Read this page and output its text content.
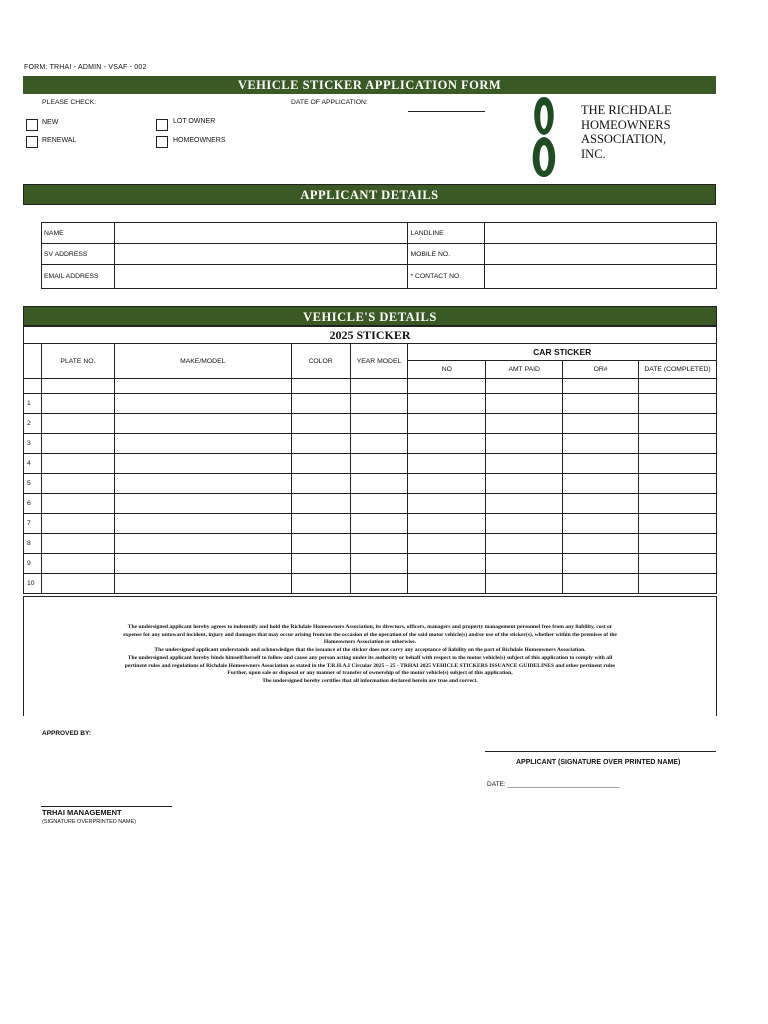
FORM: TRHAI - ADMIN - VSAF - 002
VEHICLE STICKER APPLICATION FORM
PLEASE CHECK:	DATE OF APPLICATION:
NEW
RENEWAL
LOT OWNER
HOMEOWNERS
THE RICHDALE
HOMEOWNERS
ASSOCIATION,
INC.
APPLICANT DETAILS
NAME		LANDLINE	
SV ADDRESS		MOBILE NO.	
EMAIL ADDRESS		* CONTACT NO.	
VEHICLE'S DETAILS
2025 STICKER								
	PLATE NO.	MAKE/MODEL	COLOR	YEAR MODEL	CAR STICKER			
					NO	AMT PAID	OR#	DATE (COMPLETED)

1								
2								
3								
4								
5								
6								
7								
8								
9								
10								
The undersigned applicant hereby agrees to indemnify and hold the Richdale Homeowners Association, its directors, officers, managers and property management personnel free from any liability, cost or
expense for any untoward incident, injury and damages that may occur arising from/on the occasion of the operation of the said motor vehicle(s) and/or use of the sticker(s), whether within the premises of the
Homeowners Association or otherwise.
The undersigned applicant understands and acknowledges that the issuance of the sticker does not carry any acceptance of liability on the part of Richdale Homeowners Association.
The undersigned applicant hereby binds himself/herself to follow and cause any person acting under its authority or behalf with respect to the motor vehicle(s) subject of this application to comply with all
pertinent rules and regulations of Richdale Homeowners Association as stated in the T.R.H.A.I Circular 2025 – 25 - TRHAI 2025 VEHICLE STICKERS ISSUANCE GUIDELINES and other pertinent rules
Further, upon sale or disposal or any manner of transfer of ownership of the motor vehicle(s) subject of this application,
The undersigned hereby certifies that all information declared herein are true and correct.
APPROVED BY:
APPLICANT (SIGNATURE OVER PRINTED NAME)
DATE: _______________________________
TRHAI MANAGEMENT
(SIGNATURE OVERPRINTED NAME)
